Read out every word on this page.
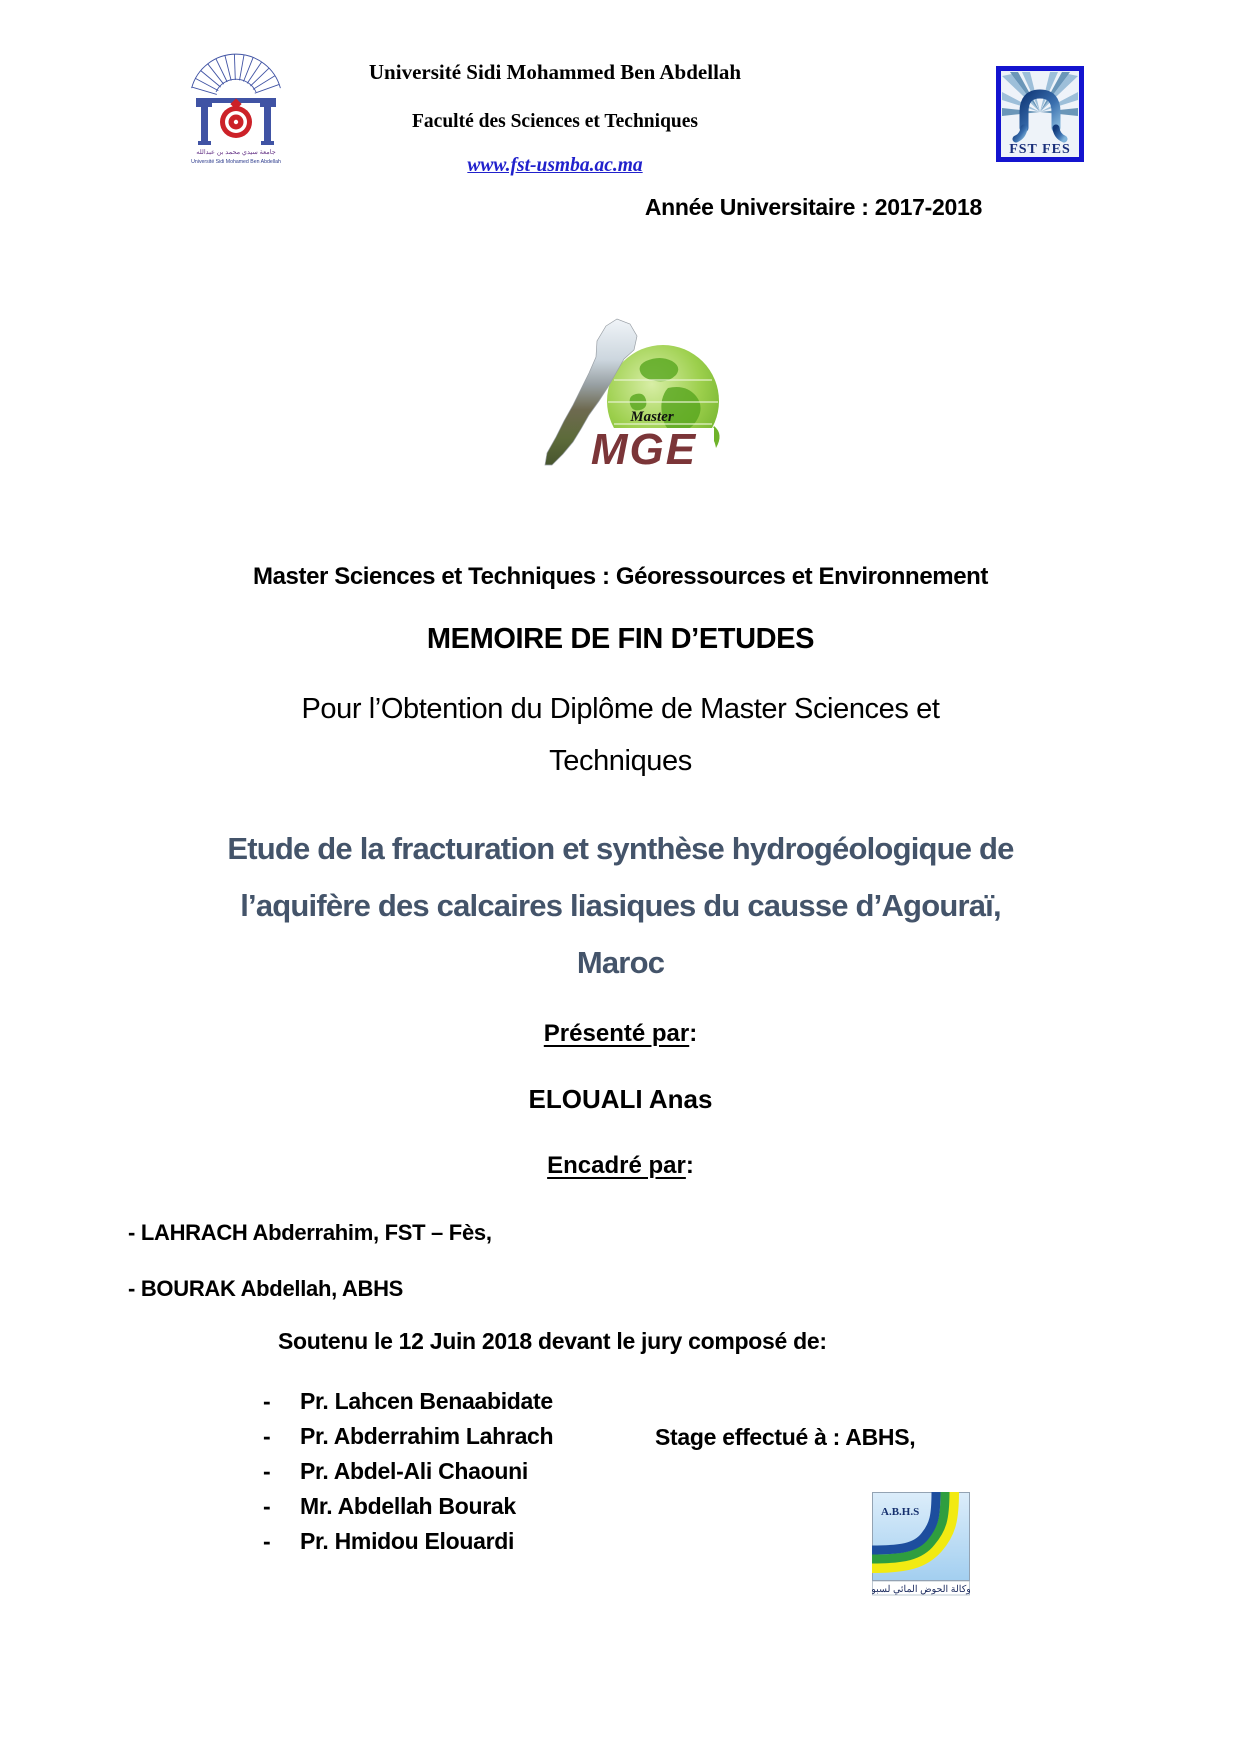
جامعة سيدي محمد بن عبدالله
Université Sidi Mohamed Ben Abdellah
Université Sidi Mohammed Ben Abdellah
Faculté des Sciences et Techniques
www.fst-usmba.ac.ma
FST FES
Année Universitaire : 2017-2018
Master
MGE
Master Sciences et Techniques : Géoressources et Environnement
MEMOIRE DE FIN D’ETUDES
Pour l’Obtention du Diplôme de Master Sciences et
Techniques
Etude de la fracturation et synthèse hydrogéologique de
l’aquifère des calcaires liasiques du causse d’Agouraï,
Maroc
Présenté par:
ELOUALI Anas
Encadré par:
- LAHRACH Abderrahim, FST – Fès,
- BOURAK Abdellah, ABHS
Soutenu le 12 Juin 2018 devant le jury composé de:
-	Pr. Lahcen Benaabidate
-	Pr. Abderrahim Lahrach
-	Pr. Abdel-Ali Chaouni
-	Mr. Abdellah Bourak
-	Pr. Hmidou Elouardi
Stage effectué à : ABHS,
A.B.H.S
وكالة الحوض المائي لسبو
